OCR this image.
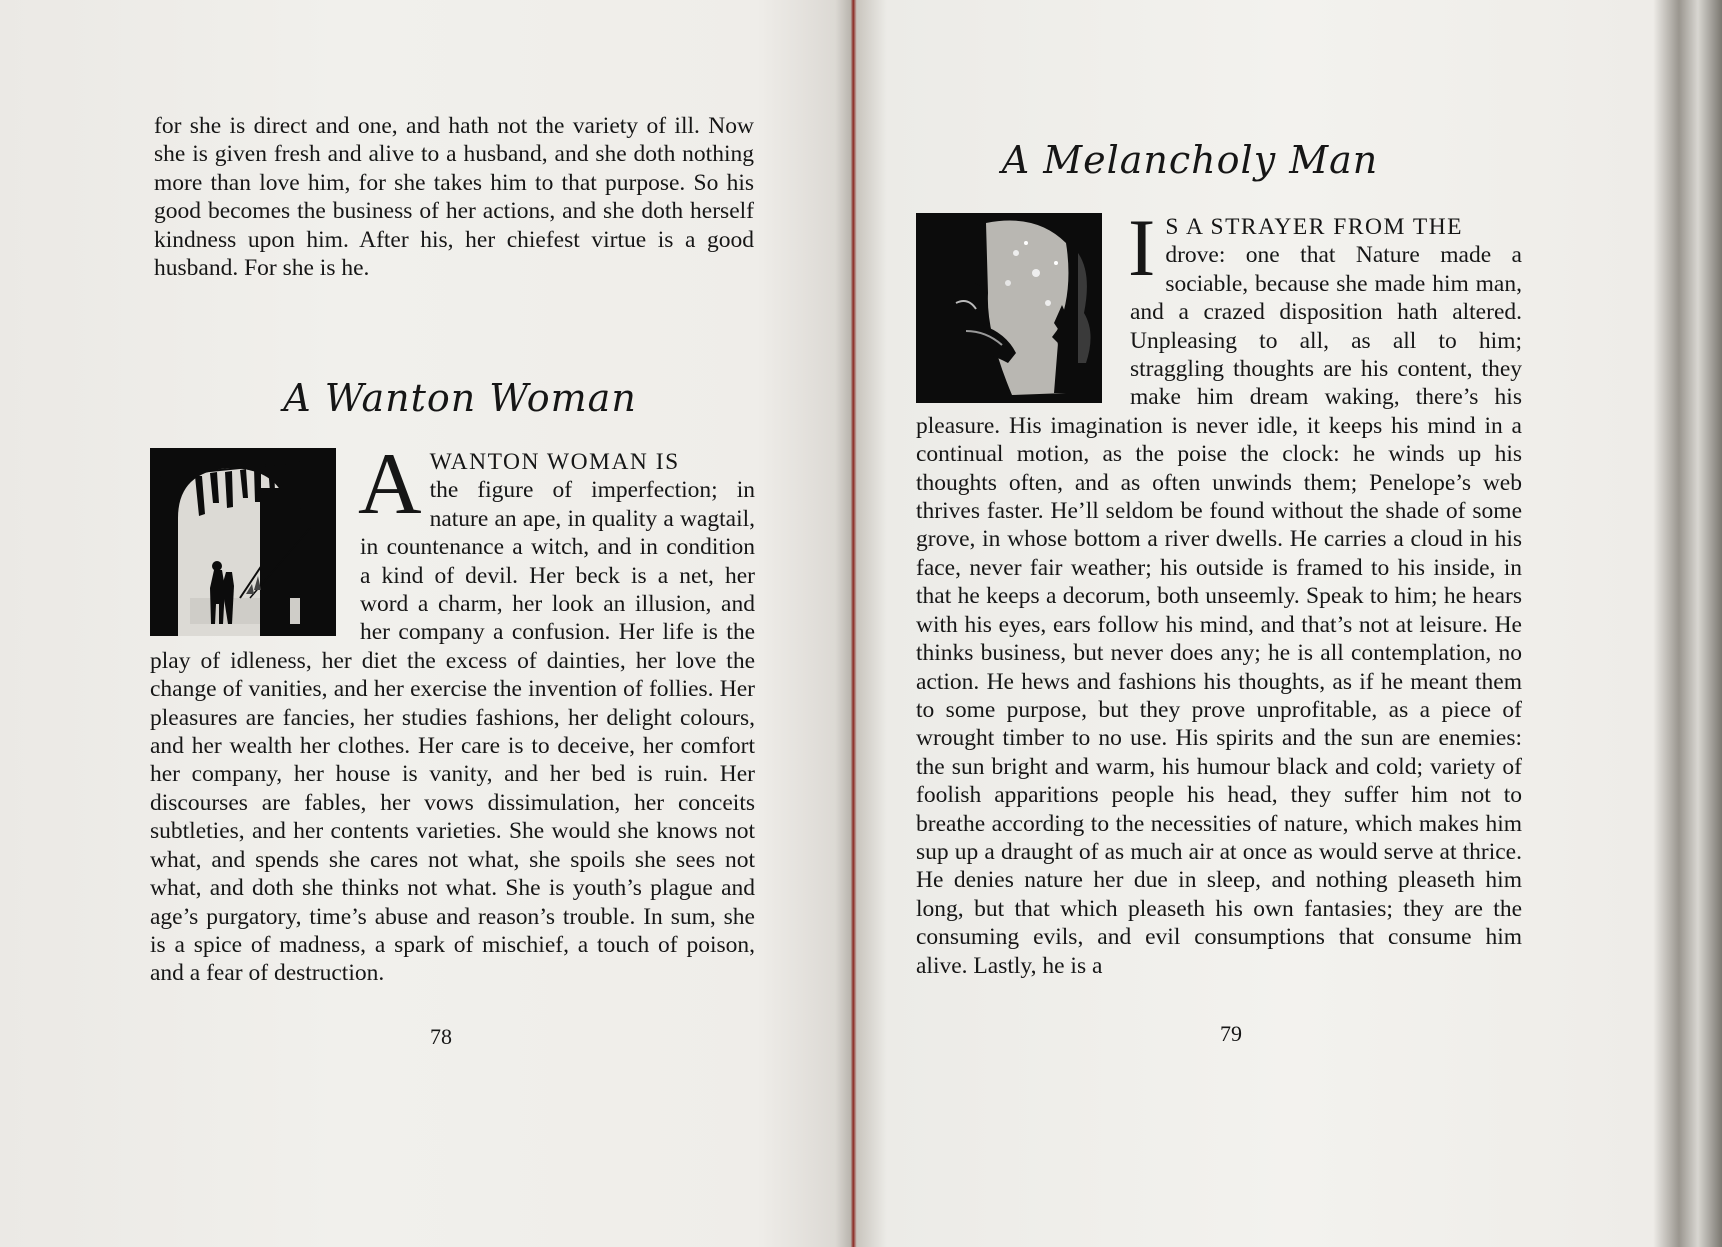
for she is direct and one, and hath not the variety of ill. Now she is given fresh and alive to a husband, and she doth nothing more than love him, for she takes him to that purpose. So his good becomes the business of her actions, and she doth herself kindness upon him. After his, her chiefest virtue is a good husband. For she is he.

A Wanton Woman
A WANTON WOMAN IS
the figure of imperfection; in nature an ape, in quality a wagtail, in countenance a witch, and in condition a kind of devil. Her beck is a net, her word a charm, her look an illusion, and her company a confusion. Her life is the play of idleness, her diet the excess of dainties, her love the change of vanities, and her exercise the invention of follies. Her pleasures are fancies, her studies fashions, her delight colours, and her wealth her clothes. Her care is to deceive, her comfort her company, her house is vanity, and her bed is ruin. Her discourses are fables, her vows dissimulation, her conceits subtleties, and her contents varieties. She would she knows not what, and spends she cares not what, she spoils she sees not what, and doth she thinks not what. She is youth’s plague and age’s purgatory, time’s abuse and reason’s trouble. In sum, she is a spice of madness, a spark of mischief, a touch of poison, and a fear of destruction.

78
A Melancholy Man
I S A STRAYER FROM THE
drove: one that Nature made a sociable, because she made him man, and a crazed disposition hath altered. Unpleasing to all, as all to him; straggling thoughts are his content, they make him dream waking, there’s his pleasure. His imagination is never idle, it keeps his mind in a continual motion, as the poise the clock: he winds up his thoughts often, and as often unwinds them; Penelope’s web thrives faster. He’ll seldom be found without the shade of some grove, in whose bottom a river dwells. He carries a cloud in his face, never fair weather; his outside is framed to his inside, in that he keeps a decorum, both unseemly. Speak to him; he hears with his eyes, ears follow his mind, and that’s not at leisure. He thinks business, but never does any; he is all contemplation, no action. He hews and fashions his thoughts, as if he meant them to some purpose, but they prove unprofitable, as a piece of wrought timber to no use. His spirits and the sun are enemies: the sun bright and warm, his humour black and cold; variety of foolish apparitions people his head, they suffer him not to breathe according to the necessities of nature, which makes him sup up a draught of as much air at once as would serve at thrice. He denies nature her due in sleep, and nothing pleaseth him long, but that which pleaseth his own fantasies; they are the consuming evils, and evil consumptions that consume him alive. Lastly, he is a

79
